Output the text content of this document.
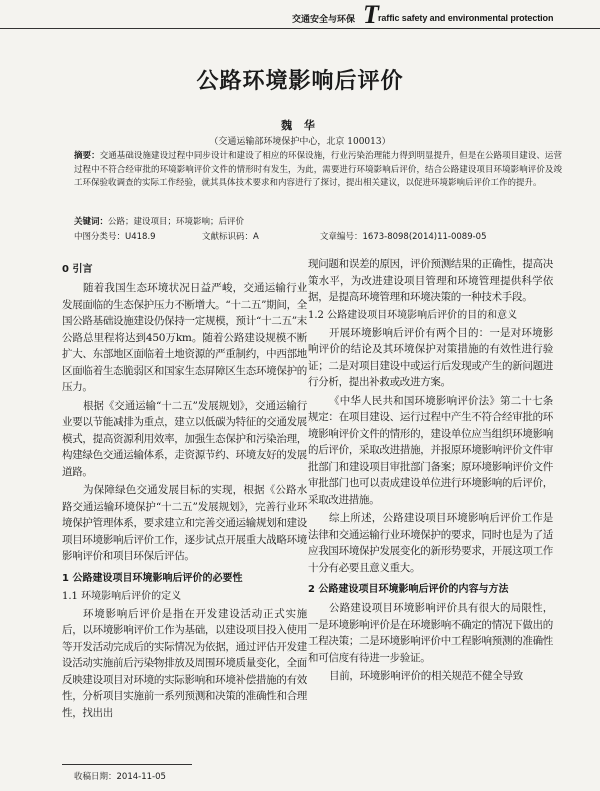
交通安全与环保 T raffic safety and environmental protection
公路环境影响后评价
魏 华
（交通运输部环境保护中心，北京 100013）
摘要：交通基础设施建设过程中同步设计和建设了相应的环保设施，行业污染治理能力得到明显提升，但是在公路项目建设、运营过程中不符合经审批的环境影响评价文件的情形时有发生，为此，需要进行环境影响后评价，结合公路建设项目环境影响评价及竣工环保验收调查的实际工作经验，就其具体技术要求和内容进行了探讨，提出相关建议，以促进环境影响后评价工作的提升。
关键词：公路；建设项目；环境影响；后评价
中图分类号：U418.9	文献标识码：A	文章编号：1673-8098(2014)11-0089-05
0 引言

随着我国生态环境状况日益严峻，交通运输行业发展面临的生态保护压力不断增大。“十二五”期间，全国公路基础设施建设仍保持一定规模，预计“十二五”末公路总里程将达到450万km。随着公路建设规模不断扩大、东部地区面临着土地资源的严重制约，中西部地区面临着生态脆弱区和国家生态屏障区生态环境保护的压力。

根据《交通运输“十二五”发展规划》，交通运输行业要以节能减排为重点，建立以低碳为特征的交通发展模式，提高资源利用效率，加强生态保护和污染治理，构建绿色交通运输体系，走资源节约、环境友好的发展道路。

为保障绿色交通发展目标的实现，根据《公路水路交通运输环境保护“十二五”发展规划》，完善行业环境保护管理体系，要求建立和完善交通运输规划和建设项目环境影响后评价工作，逐步试点开展重大战略环境影响评价和项目环保后评估。

1 公路建设项目环境影响后评价的必要性
1.1 环境影响后评价的定义

环境影响后评价是指在开发建设活动正式实施后，以环境影响评价工作为基础，以建设项目投入使用等开发活动完成后的实际情况为依据，通过评估开发建设活动实施前后污染物排放及周围环境质量变化，全面反映建设项目对环境的实际影响和环境补偿措施的有效性，分析项目实施前一系列预测和决策的准确性和合理性，找出出

现问题和误差的原因，评价预测结果的正确性，提高决策水平，为改进建设项目管理和环境管理提供科学依据，是提高环境管理和环境决策的一种技术手段。

1.2 公路建设项目环境影响后评价的目的和意义

开展环境影响后评价有两个目的：一是对环境影响评价的结论及其环境保护对策措施的有效性进行验证；二是对项目建设中或运行后发现或产生的新问题进行分析，提出补救或改进方案。

《中华人民共和国环境影响评价法》第二十七条规定：在项目建设、运行过程中产生不符合经审批的环境影响评价文件的情形的，建设单位应当组织环境影响的后评价，采取改进措施，并报原环境影响评价文件审批部门和建设项目审批部门备案；原环境影响评价文件审批部门也可以责成建设单位进行环境影响的后评价，采取改进措施。

综上所述，公路建设项目环境影响后评价工作是法律和交通运输行业环境保护的要求，同时也是为了适应我国环境保护发展变化的新形势要求，开展这项工作十分有必要且意义重大。

2 公路建设项目环境影响后评价的内容与方法

公路建设项目环境影响评价具有很大的局限性，一是环境影响评价是在环境影响不确定的情况下做出的工程决策；二是环境影响评价中工程影响预测的准确性和可信度有待进一步验证。

目前，环境影响评价的相关规范不健全导致

收稿日期：2014-11-05
